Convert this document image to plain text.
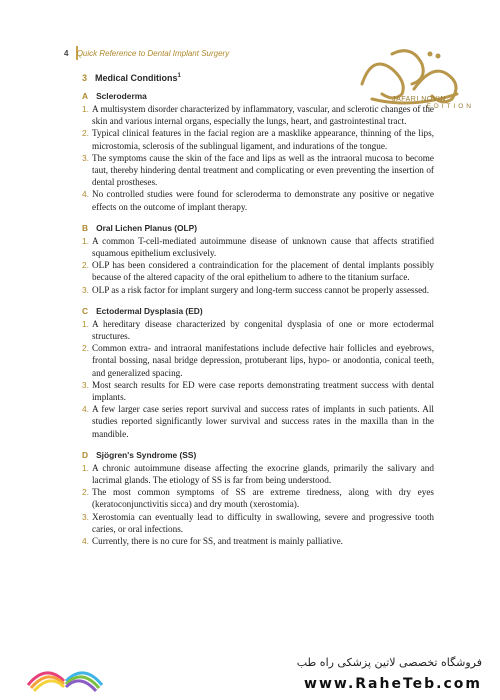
4 Quick Reference to Dental Implant Surgery
JAFARI NOVIN
EDITION
3 Medical Conditions$^1$
A Scleroderma
1. A multisystem disorder characterized by inflammatory, vascular, and sclerotic changes of the skin and various internal organs, especially the lungs, heart, and gastrointestinal tract.
2. Typical clinical features in the facial region are a masklike appearance, thinning of the lips, microstomia, sclerosis of the sublingual ligament, and indurations of the tongue.
3. The symptoms cause the skin of the face and lips as well as the intraoral mucosa to become taut, thereby hindering dental treatment and complicating or even preventing the insertion of dental prostheses.
4. No controlled studies were found for scleroderma to demonstrate any positive or negative effects on the outcome of implant therapy.
B Oral Lichen Planus (OLP)
1. A common T-cell-mediated autoimmune disease of unknown cause that affects stratified squamous epithelium exclusively.
2. OLP has been considered a contraindication for the placement of dental implants possibly because of the altered capacity of the oral epithelium to adhere to the titanium surface.
3. OLP as a risk factor for implant surgery and long-term success cannot be properly assessed.
C Ectodermal Dysplasia (ED)
1. A hereditary disease characterized by congenital dysplasia of one or more ectodermal structures.
2. Common extra- and intraoral manifestations include defective hair follicles and eyebrows, frontal bossing, nasal bridge depression, protuberant lips, hypo- or anodontia, conical teeth, and generalized spacing.
3. Most search results for ED were case reports demonstrating treatment success with dental implants.
4. A few larger case series report survival and success rates of implants in such patients. All studies reported significantly lower survival and success rates in the maxilla than in the mandible.
D Sjögren's Syndrome (SS)
1. A chronic autoimmune disease affecting the exocrine glands, primarily the salivary and lacrimal glands. The etiology of SS is far from being understood.
2. The most common symptoms of SS are extreme tiredness, along with dry eyes (keratoconjunctivitis sicca) and dry mouth (xerostomia).
3. Xerostomia can eventually lead to difficulty in swallowing, severe and progressive tooth caries, or oral infections.
4. Currently, there is no cure for SS, and treatment is mainly palliative.
فروشگاه تخصصی لاتین پزشکی راه طب
www.RaheTeb.com
